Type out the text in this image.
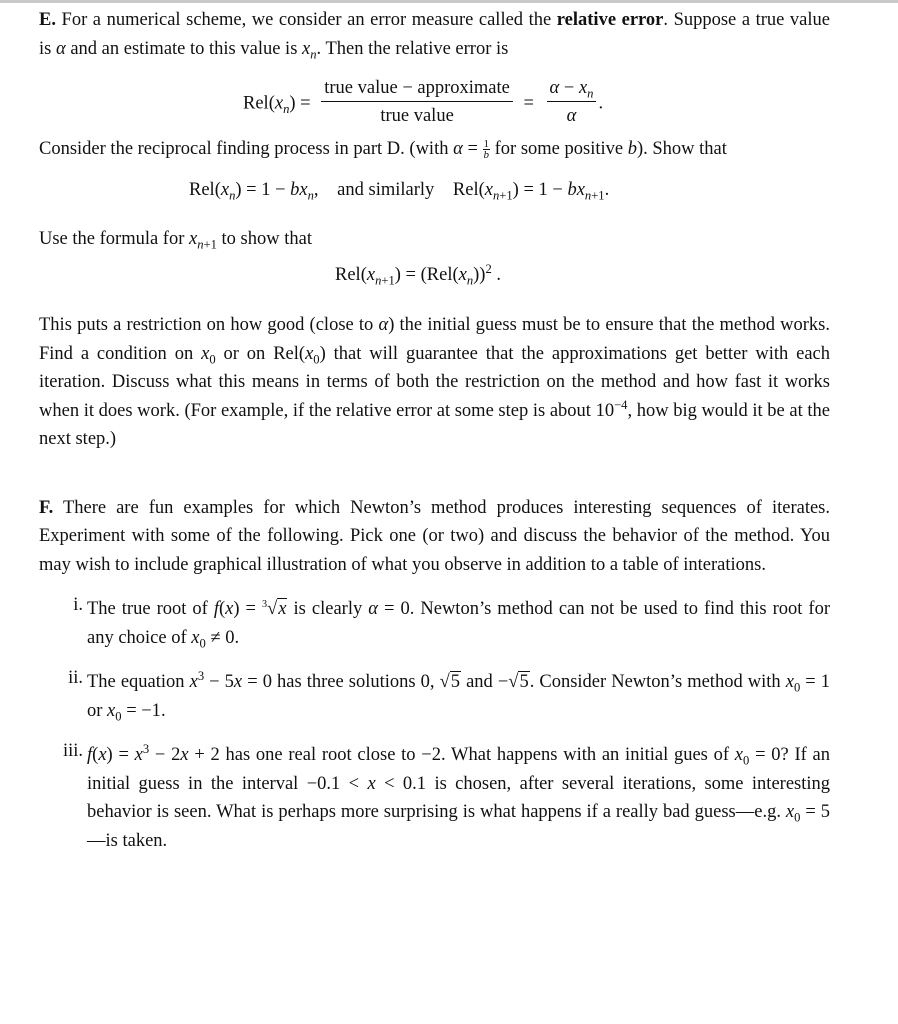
E. For a numerical scheme, we consider an error measure called the relative error. Suppose a true value is α and an estimate to this value is $x_n$. Then the relative error is

$Rel(x_n) = \frac{\text{true value − approximate}}{\text{true value}} = \frac{\alpha - x_n}{\alpha}$ .

Consider the reciprocal finding process in part D. (with $\alpha = \frac{1}{b}$ for some positive b). Show that

$Rel(x_n) = 1 - bx_n$, and similarly $Rel(x_{n+1}) = 1 - bx_{n+1}$.

Use the formula for $x_{n+1}$ to show that

$Rel(x_{n+1}) = (Rel(x_n))^2$ .

This puts a restriction on how good (close to α) the initial guess must be to ensure that the method works. Find a condition on $x_0$ or on $Rel(x_0)$ that will guarantee that the approximations get better with each iteration. Discuss what this means in terms of both the restriction on the method and how fast it works when it does work. (For example, if the relative error at some step is about $10^{-4}$, how big would it be at the next step.)

F. There are fun examples for which Newton’s method produces interesting sequences of iterates. Experiment with some of the following. Pick one (or two) and discuss the behavior of the method. You may wish to include graphical illustration of what you observe in addition to a table of interations.

i. The true root of f(x) = $^3$√x is clearly α = 0. Newton’s method can not be used to find this root for any choice of $x_0 \ne 0$.

ii. The equation $x^3 - 5x = 0$ has three solutions 0, √5 and −√5. Consider Newton’s method with $x_0 = 1$ or $x_0 = -1$.

iii. $f(x) = x^3 - 2x + 2$ has one real root close to −2. What happens with an initial gues of $x_0 = 0$? If an initial guess in the interval −0.1 < x < 0.1 is chosen, after several iterations, some interesting behavior is seen. What is perhaps more surprising is what happens if a really bad guess—e.g. $x_0$ = 5—is taken.
